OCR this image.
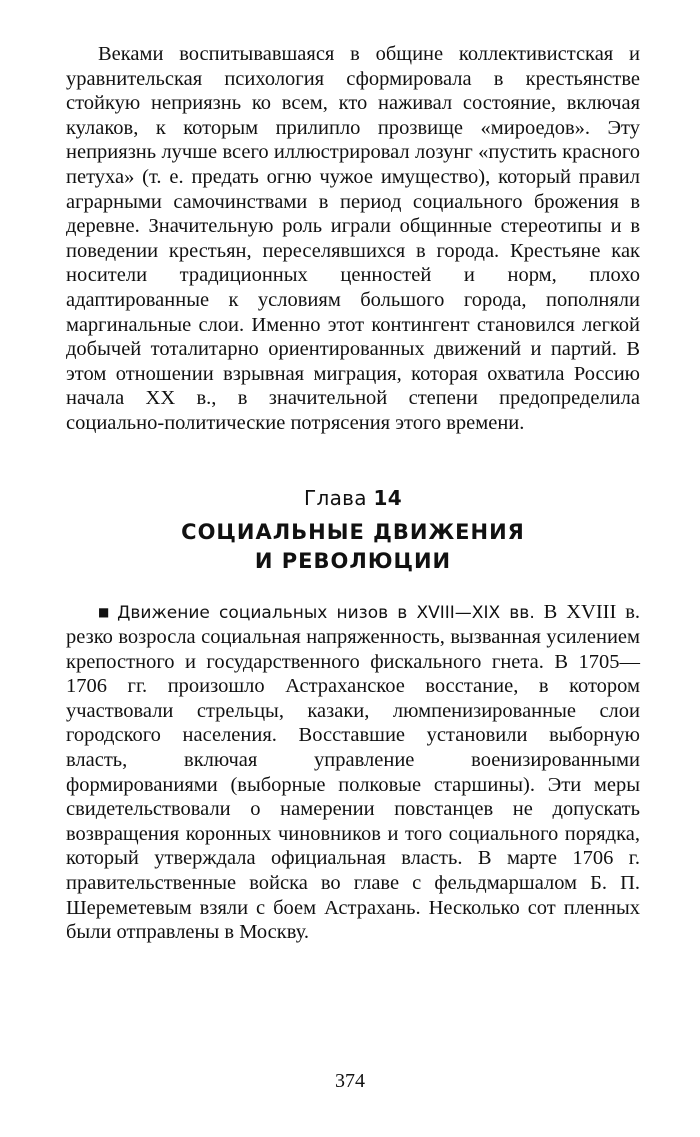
Веками воспитывавшаяся в общине коллективистская и уравнительская психология сформировала в крестьянстве стойкую неприязнь ко всем, кто наживал состояние, включая кулаков, к которым прилипло прозвище «мироедов». Эту неприязнь лучше всего иллюстрировал лозунг «пустить красного петуха» (т. е. предать огню чужое имущество), который правил аграрными самочинствами в период социального брожения в деревне. Значительную роль играли общинные стереотипы и в поведении крестьян, переселявшихся в города. Крестьяне как носители традиционных ценностей и норм, плохо адаптированные к условиям большого города, пополняли маргинальные слои. Именно этот контингент становился легкой добычей тоталитарно ориентированных движений и партий. В этом отношении взрывная миграция, которая охватила Россию начала XX в., в значительной степени предопределила социально-политические потрясения этого времени.

Глава 14
СОЦИАЛЬНЫЕ ДВИЖЕНИЯ
И РЕВОЛЮЦИИ

■ Движение социальных низов в XVIII—XIX вв. В XVIII в. резко возросла социальная напряженность, вызванная усилением крепостного и государственного фискального гнета. В 1705—1706 гг. произошло Астраханское восстание, в котором участвовали стрельцы, казаки, люмпенизированные слои городского населения. Восставшие установили выборную власть, включая управление военизированными формированиями (выборные полковые старшины). Эти меры свидетельствовали о намерении повстанцев не допускать возвращения коронных чиновников и того социального порядка, который утверждала официальная власть. В марте 1706 г. правительственные войска во главе с фельдмаршалом Б. П. Шереметевым взяли с боем Астрахань. Несколько сот пленных были отправлены в Москву.

374
